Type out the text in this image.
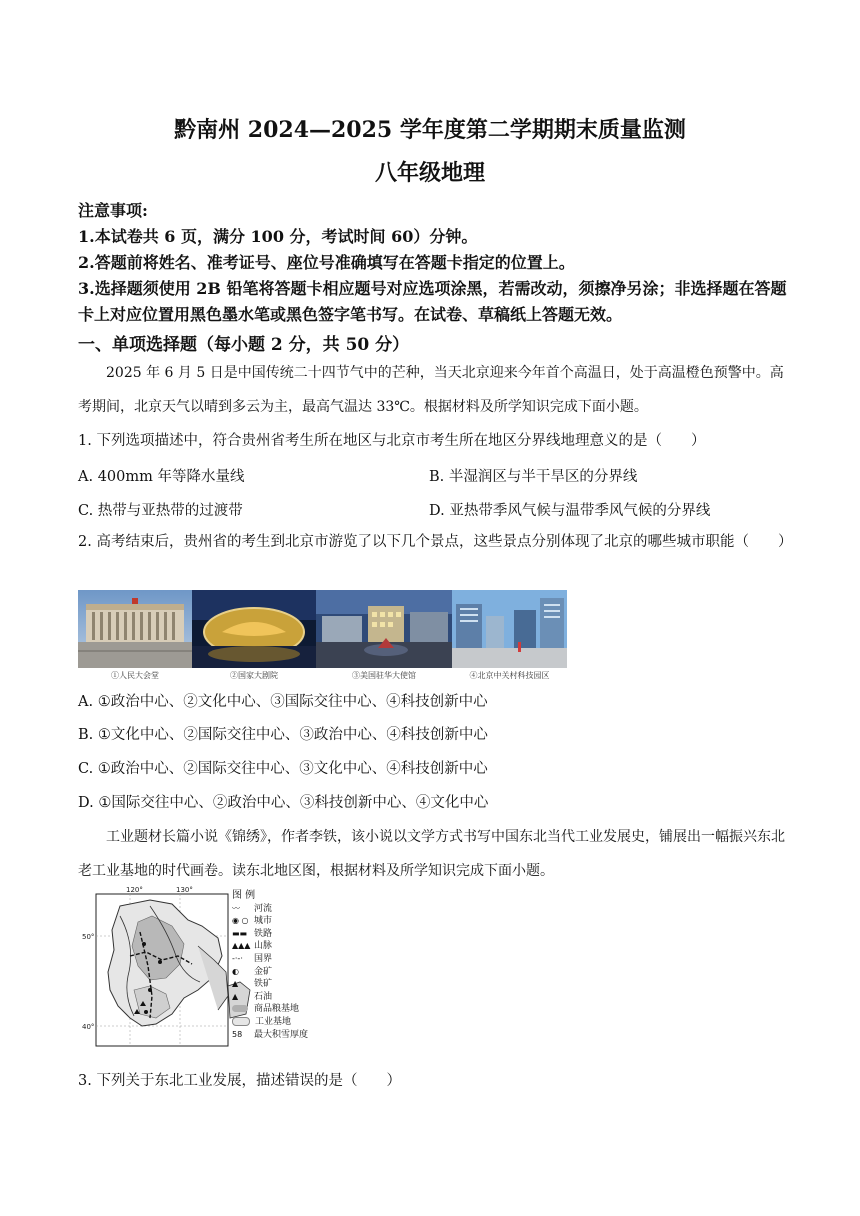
黔南州 2024—2025 学年度第二学期期末质量监测
八年级地理
注意事项:
1.本试卷共 6 页，满分 100 分，考试时间 60）分钟。
2.答题前将姓名、准考证号、座位号准确填写在答题卡指定的位置上。
3.选择题须使用 2B 铅笔将答题卡相应题号对应选项涂黑，若需改动，须擦净另涂；非选择题在答题卡上对应位置用黑色墨水笔或黑色签字笔书写。在试卷、草稿纸上答题无效。
一、单项选择题（每小题 2 分，共 50 分）
2025 年 6 月 5 日是中国传统二十四节气中的芒种，当天北京迎来今年首个高温日，处于高温橙色预警中。高考期间，北京天气以晴到多云为主，最高气温达 33℃。根据材料及所学知识完成下面小题。
1. 下列选项描述中，符合贵州省考生所在地区与北京市考生所在地区分界线地理意义的是（　　）
A. 400mm 年等降水量线	B. 半湿润区与半干旱区的分界线
C. 热带与亚热带的过渡带	D. 亚热带季风气候与温带季风气候的分界线
2. 高考结束后，贵州省的考生到北京市游览了以下几个景点，这些景点分别体现了北京的哪些城市职能（　　）
①人民大会堂	②国家大剧院	③美国驻华大使馆	④北京中关村科技园区
A. ①政治中心、②文化中心、③国际交往中心、④科技创新中心
B. ①文化中心、②国际交往中心、③政治中心、④科技创新中心
C. ①政治中心、②国际交往中心、③文化中心、④科技创新中心
D. ①国际交往中心、②政治中心、③科技创新中心、④文化中心
工业题材长篇小说《锦绣》，作者李铁，该小说以文学方式书写中国东北当代工业发展史，铺展出一幅振兴东北老工业基地的时代画卷。读东北地区图，根据材料及所学知识完成下面小题。
120°	130°
50°
40°
图 例
〰 河流
◉ ○ 城市
▬▬ 铁路
▲▲▲ 山脉
-·-· 国界
◐ 金矿
▲ 铁矿
▲ 石油
商品粮基地
工业基地
58 最大积雪厚度
3. 下列关于东北工业发展，描述错误的是（　　）
